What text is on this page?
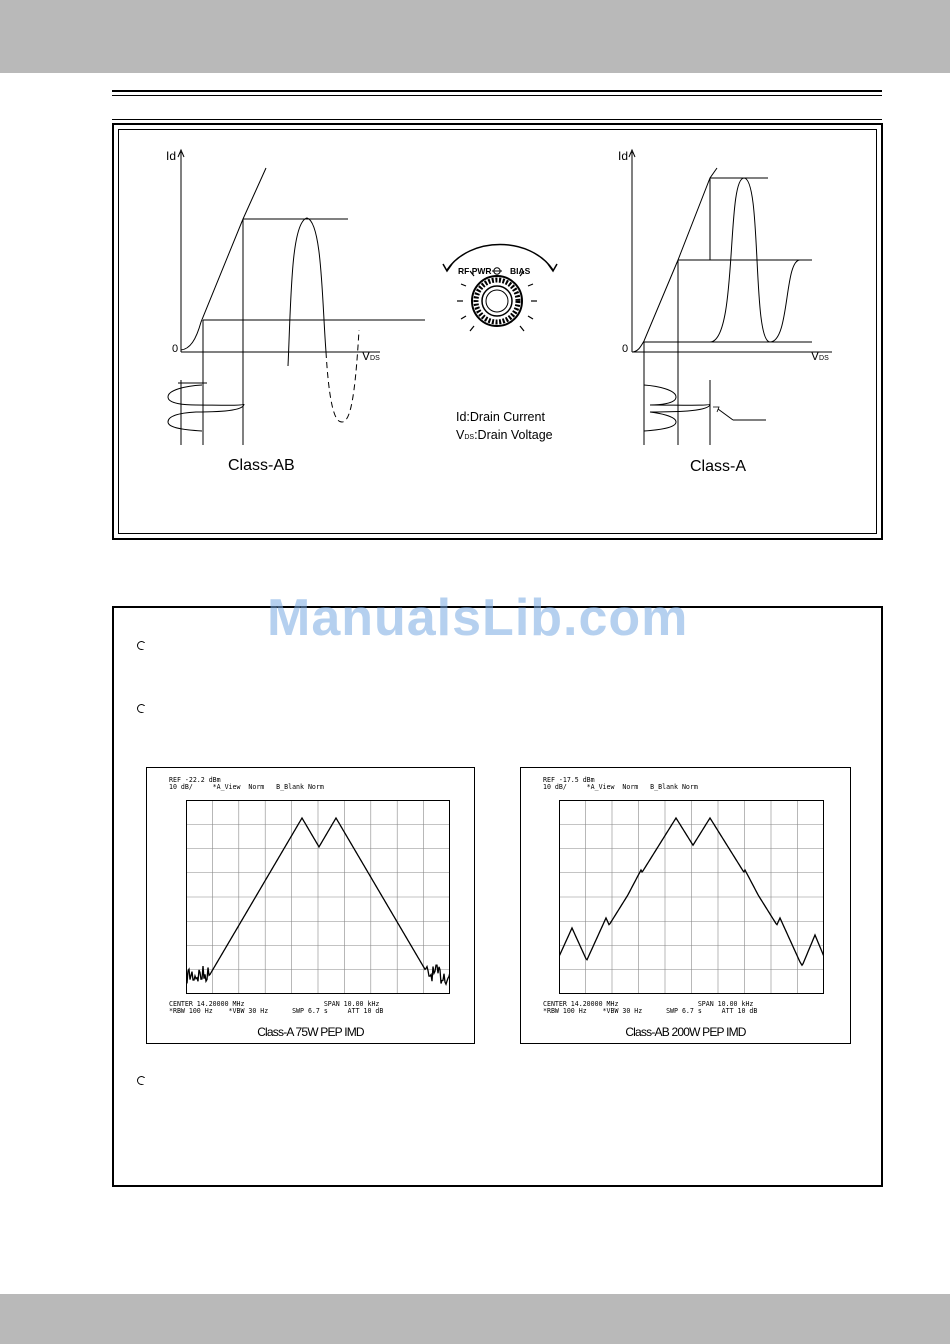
Id
0	VDS
Class-AB
RF PWR BIAS
Id:Drain Current
VDS:Drain Voltage
Id
0	VDS
Class-A
REF -22.2 dBm
10 dB/     *A_View  Norm   B_Blank Norm
CENTER 14.20000 MHz                    SPAN 10.00 kHz
*RBW 100 Hz    *VBW 30 Hz      SWP 6.7 s     ATT 10 dB
Class-A 75W PEP IMD
REF -17.5 dBm
10 dB/     *A_View  Norm   B_Blank Norm
CENTER 14.20000 MHz                    SPAN 10.00 kHz
*RBW 100 Hz    *VBW 30 Hz      SWP 6.7 s     ATT 10 dB
Class-AB 200W PEP IMD
ManualsLib.com
